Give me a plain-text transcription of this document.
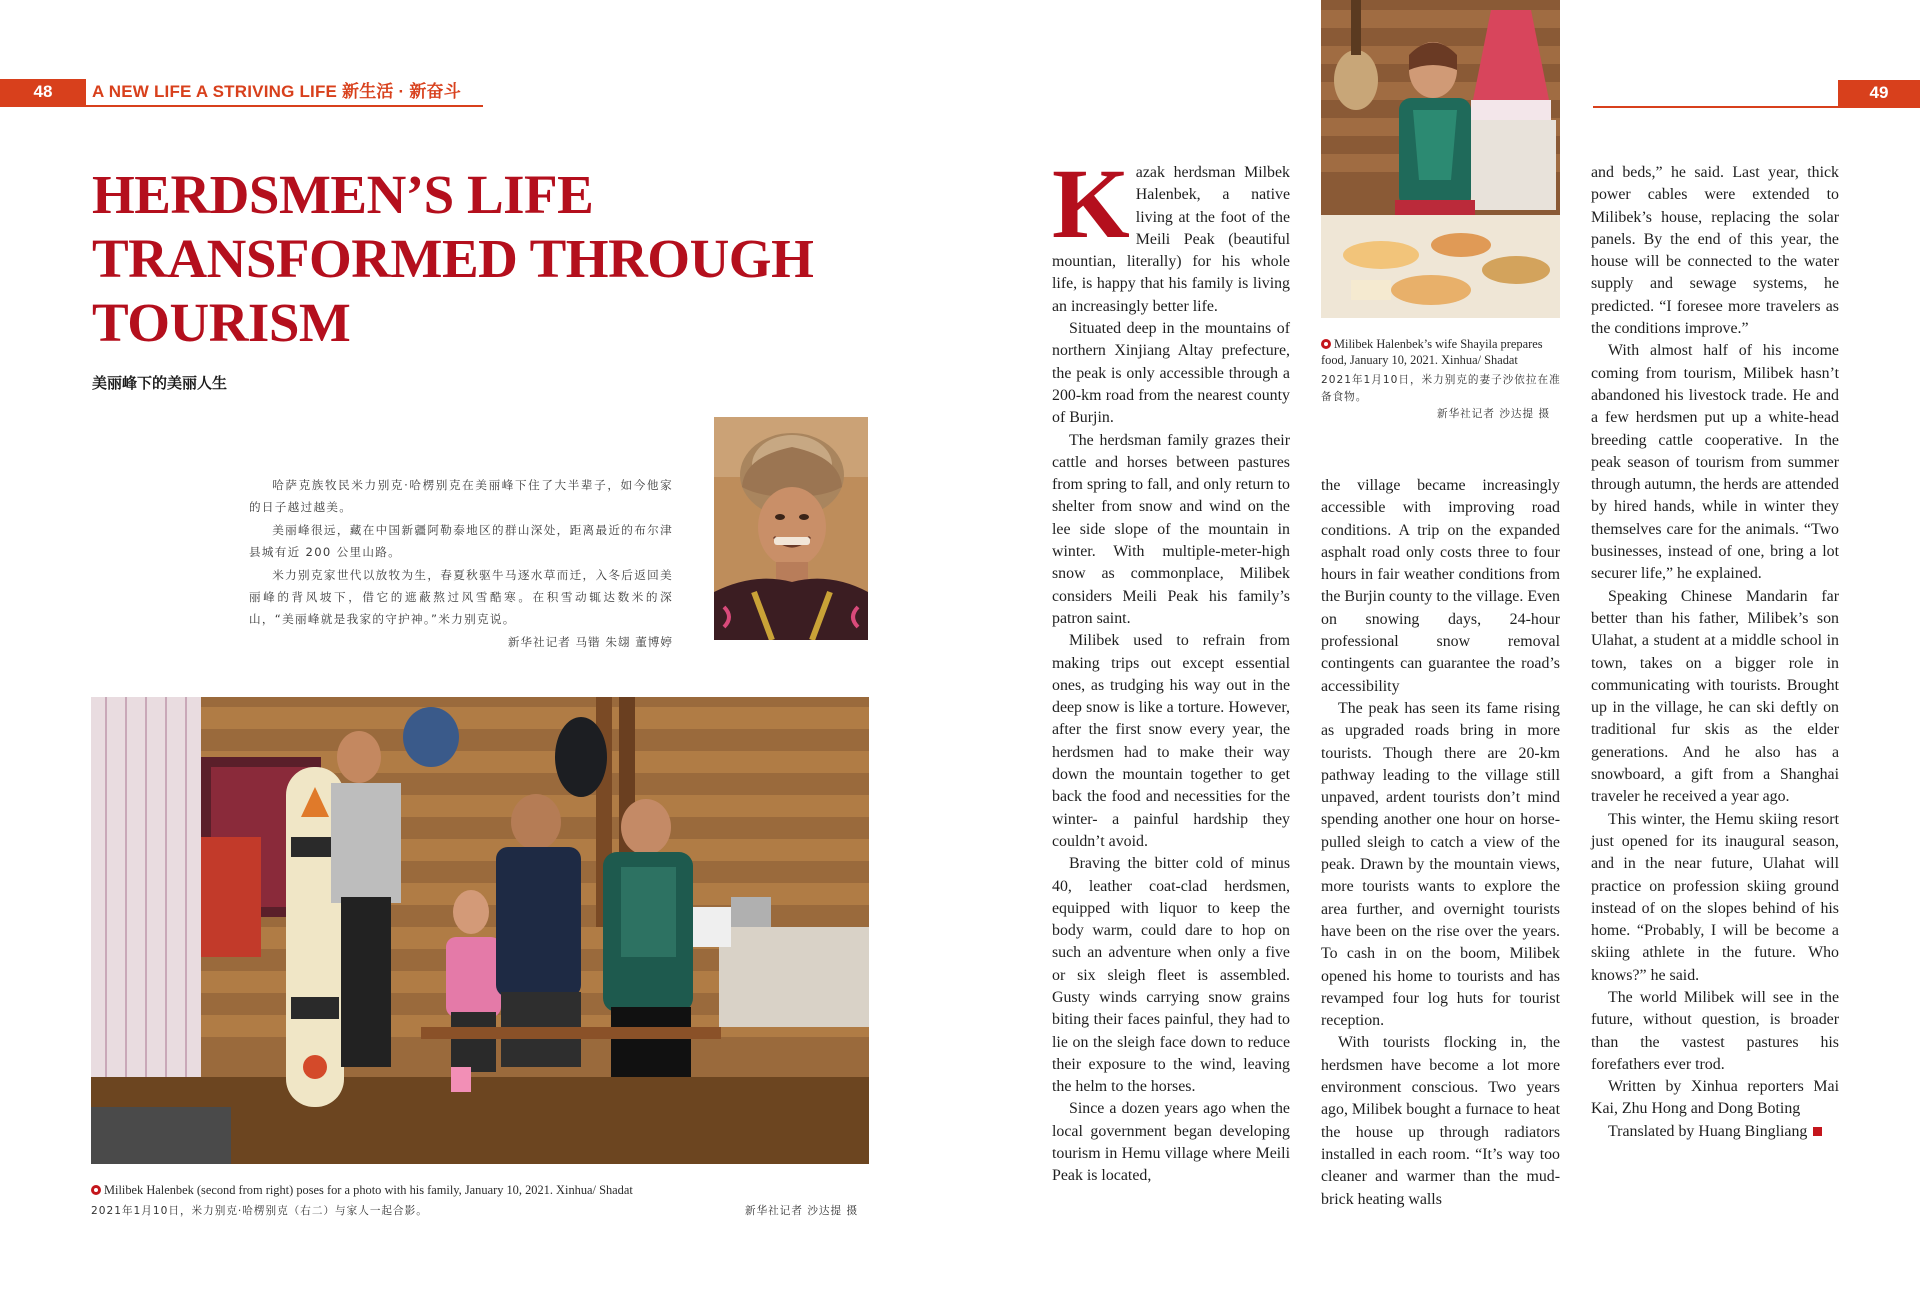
48	A NEW LIFE A STRIVING LIFE 新生活 · 新奋斗	49
HERDSMEN’S LIFE
TRANSFORMED THROUGH
TOURISM
美丽峰下的美丽人生

哈萨克族牧民米力别克·哈楞别克在美丽峰下住了大半辈子，如今他家的日子越过越美。

美丽峰很远，藏在中国新疆阿勒泰地区的群山深处，距离最近的布尔津县城有近 200 公里山路。

米力别克家世代以放牧为生，春夏秋驱牛马逐水草而迁，入冬后返回美丽峰的背风坡下，借它的遮蔽熬过风雪酷寒。在积雪动辄达数米的深山，“美丽峰就是我家的守护神。”米力别克说。

新华社记者 马锴 朱翃 董博婷

Milibek Halenbek (second from right) poses for a photo with his family, January 10, 2021. Xinhua/ Shadat
2021年1月10日，米力别克·哈楞别克（右二）与家人一起合影。	新华社记者 沙达提 摄
Milibek Halenbek’s wife Shayila prepares food, January 10, 2021. Xinhua/ Shadat
2021年1月10日，米力别克的妻子沙依拉在准备食物。
新华社记者 沙达提 摄

Kazak herdsman Milbek Halenbek, a native living at the foot of the Meili Peak (beautiful mountian, literally) for his whole life, is happy that his family is living an increasingly better life.

Situated deep in the mountains of northern Xinjiang Altay prefecture, the peak is only accessible through a 200-km road from the nearest county of Burjin.

The herdsman family grazes their cattle and horses between pastures from spring to fall, and only return to shelter from snow and wind on the lee side slope of the mountain in winter. With multiple-meter-high snow as commonplace, Milibek considers Meili Peak his family’s patron saint.

Milibek used to refrain from making trips out except essential ones, as trudging his way out in the deep snow is like a torture. However, after the first snow every year, the herdsmen had to make their way down the mountain together to get back the food and necessities for the winter- a painful hardship they couldn’t avoid.

Braving the bitter cold of minus 40, leather coat-clad herdsmen, equipped with liquor to keep the body warm, could dare to hop on such an adventure when only a five or six sleigh fleet is assembled. Gusty winds carrying snow grains biting their faces painful, they had to lie on the sleigh face down to reduce their exposure to the wind, leaving the helm to the horses.

Since a dozen years ago when the local government began developing tourism in Hemu village where Meili Peak is located,

the village became increasingly accessible with improving road conditions. A trip on the expanded asphalt road only costs three to four hours in fair weather conditions from the Burjin county to the village. Even on snowing days, 24-hour professional snow removal contingents can guarantee the road’s accessibility

The peak has seen its fame rising as upgraded roads bring in more tourists. Though there are 20-km pathway leading to the village still unpaved, ardent tourists don’t mind spending another one hour on horse-pulled sleigh to catch a view of the peak. Drawn by the mountain views, more tourists wants to explore the area further, and overnight tourists have been on the rise over the years. To cash in on the boom, Milibek opened his home to tourists and has revamped four log huts for tourist reception.

With tourists flocking in, the herdsmen have become a lot more environment conscious. Two years ago, Milibek bought a furnace to heat the house up through radiators installed in each room. “It’s way too cleaner and warmer than the mud-brick heating walls

and beds,” he said. Last year, thick power cables were extended to Milibek’s house, replacing the solar panels. By the end of this year, the house will be connected to the water supply and sewage systems, he predicted. “I foresee more travelers as the conditions improve.”

With almost half of his income coming from tourism, Milibek hasn’t abandoned his livestock trade. He and a few herdsmen put up a white-head breeding cattle cooperative. In the peak season of tourism from summer through autumn, the herds are attended by hired hands, while in winter they themselves care for the animals. “Two businesses, instead of one, bring a lot securer life,” he explained.

Speaking Chinese Mandarin far better than his father, Milibek’s son Ulahat, a student at a middle school in town, takes on a bigger role in communicating with tourists. Brought up in the village, he can ski deftly on traditional fur skis as the elder generations. And he also has a snowboard, a gift from a Shanghai traveler he received a year ago.

This winter, the Hemu skiing resort just opened for its inaugural season, and in the near future, Ulahat will practice on profession skiing ground instead of on the slopes behind of his home. “Probably, I will be become a skiing athlete in the future. Who knows?” he said.

The world Milibek will see in the future, without question, is broader than the vastest pastures his forefathers ever trod.

Written by Xinhua reporters Mai Kai, Zhu Hong and Dong Boting

Translated by Huang Bingliang
